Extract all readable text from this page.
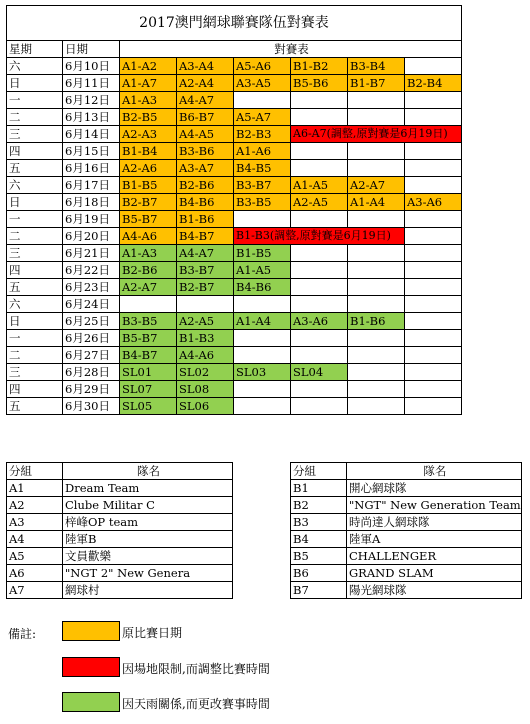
2017澳門網球聯賽隊伍對賽表							
星期	日期	對賽表					
六	6月10日	A1-A2	A3-A4	A5-A6	B1-B2	B3-B4	
日	6月11日	A1-A7	A2-A4	A3-A5	B5-B6	B1-B7	B2-B4
一	6月12日	A1-A3	A4-A7				
二	6月13日	B2-B5	B6-B7	A5-A7			
三	6月14日	A2-A3	A4-A5	B2-B3	A6-A7(調整,原對賽是6月19日)		

四	6月15日	B1-B4	B3-B6	A1-A6			
五	6月16日	A2-A6	A3-A7	B4-B5			
六	6月17日	B1-B5	B2-B6	B3-B7	A1-A5	A2-A7	
日	6月18日	B2-B7	B4-B6	B3-B5	A2-A5	A1-A4	A3-A6
一	6月19日	B5-B7	B1-B6				
二	6月20日	A4-A6	B4-B7	B1-B3(調整,原對賽是6月19日)			

三	6月21日	A1-A3	A4-A7	B1-B5			
四	6月22日	B2-B6	B3-B7	A1-A5			
五	6月23日	A2-A7	B2-B7	B4-B6			
六	6月24日						
日	6月25日	B3-B5	A2-A5	A1-A4	A3-A6	B1-B6	
一	6月26日	B5-B7	B1-B3				
二	6月27日	B4-B7	A4-A6				
三	6月28日	SL01	SL02	SL03	SL04		
四	6月29日	SL07	SL08				
五	6月30日	SL05	SL06				
分組	隊名
A1	Dream Team
A2	Clube Militar C
A3	梓峰OP team
A4	陸軍B
A5	文員歡樂
A6	"NGT 2" New Genera
A7	網球村
分組	隊名
B1	開心網球隊
B2	"NGT" New Generation Team
B3	時尚達人網球隊
B4	陸軍A
B5	CHALLENGER
B6	GRAND SLAM
B7	陽光網球隊
備註:	原比賽日期
因場地限制,而調整比賽時間
因天雨關係,而更改賽事時間
